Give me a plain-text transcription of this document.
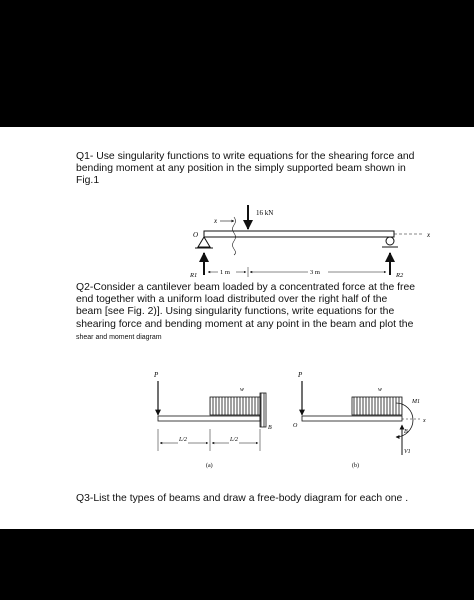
Q1- Use singularity functions to write equations for the shearing force and bending moment at any position in the simply supported beam shown in Fig.1
16 kN
x
O	x
R1	R2
1 m	3 m
Q2-Consider a cantilever beam loaded by a concentrated force at the free end together with a uniform load distributed over the right half of the beam [see Fig. 2)]. Using singularity functions, write equations for the shearing force and bending moment at any point in the beam and plot the shear and moment diagram
P
w
B
L/2	L/2
(a)
P
O
w
M1
B
x
V1
(b)
Q3-List the types of beams and draw a free-body diagram for each one .
